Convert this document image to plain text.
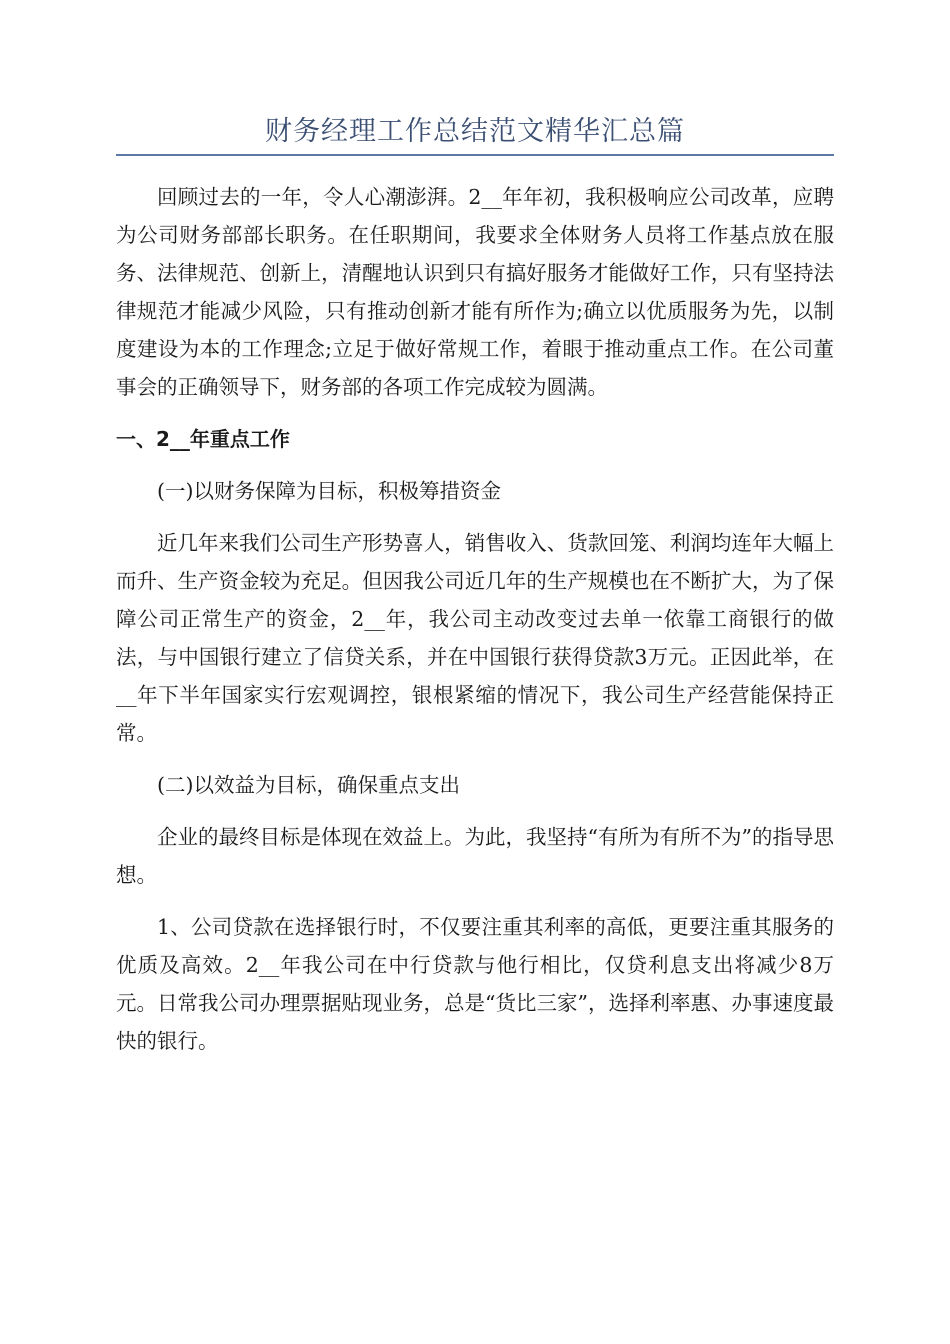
财务经理工作总结范文精华汇总篇

回顾过去的一年，令人心潮澎湃。2__年年初，我积极响应公司改革，应聘为公司财务部部长职务。在任职期间，我要求全体财务人员将工作基点放在服务、法律规范、创新上，清醒地认识到只有搞好服务才能做好工作，只有坚持法律规范才能减少风险，只有推动创新才能有所作为;确立以优质服务为先，以制度建设为本的工作理念;立足于做好常规工作，着眼于推动重点工作。在公司董事会的正确领导下，财务部的各项工作完成较为圆满。

一、2__年重点工作

(一)以财务保障为目标，积极筹措资金

近几年来我们公司生产形势喜人，销售收入、货款回笼、利润均连年大幅上而升、生产资金较为充足。但因我公司近几年的生产规模也在不断扩大，为了保障公司正常生产的资金，2__年，我公司主动改变过去单一依靠工商银行的做法，与中国银行建立了信贷关系，并在中国银行获得贷款3万元。正因此举，在__年下半年国家实行宏观调控，银根紧缩的情况下，我公司生产经营能保持正常。

(二)以效益为目标，确保重点支出

企业的最终目标是体现在效益上。为此，我坚持“有所为有所不为”的指导思想。

1、公司贷款在选择银行时，不仅要注重其利率的高低，更要注重其服务的优质及高效。2__年我公司在中行贷款与他行相比，仅贷利息支出将减少8万元。日常我公司办理票据贴现业务，总是“货比三家”，选择利率惠、办事速度最快的银行。
